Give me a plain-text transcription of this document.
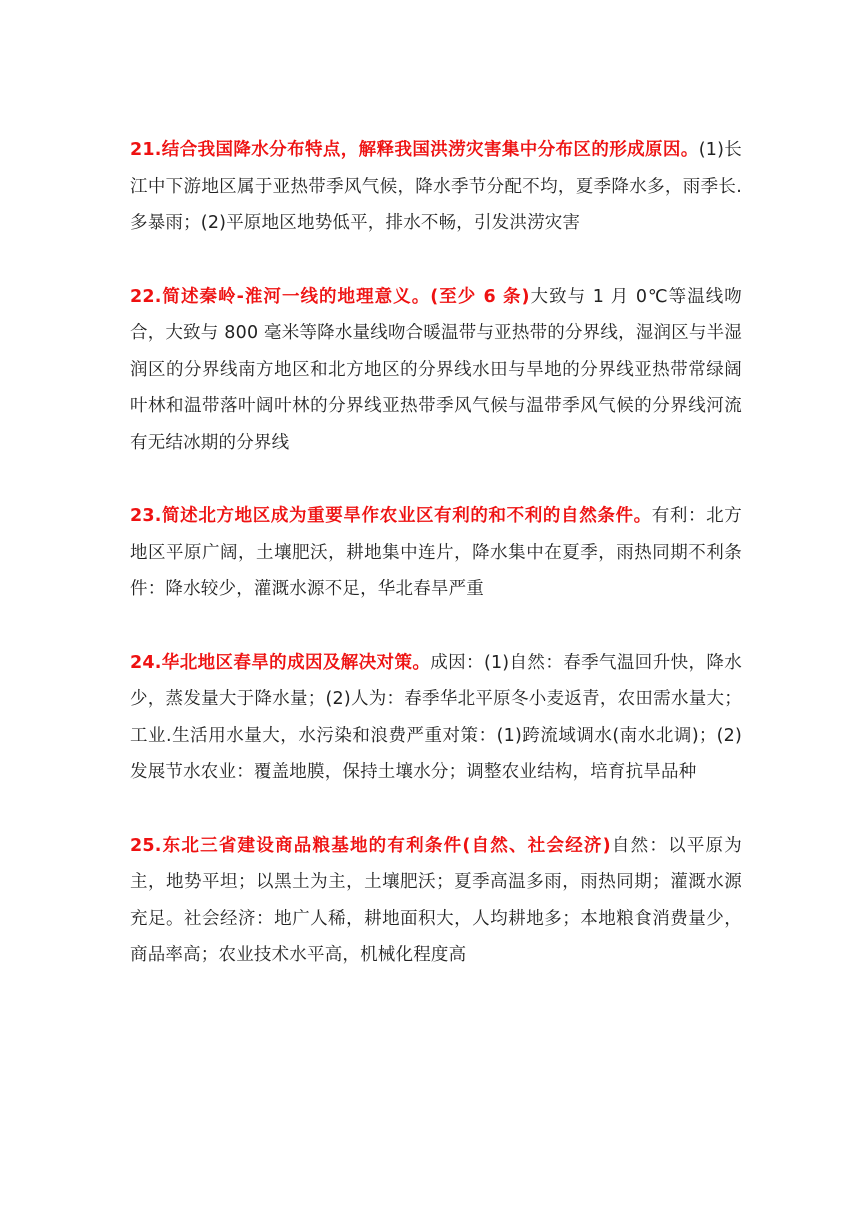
21.结合我国降水分布特点，解释我国洪涝灾害集中分布区的形成原因。(1)长江中下游地区属于亚热带季风气候，降水季节分配不均，夏季降水多，雨季长.多暴雨；(2)平原地区地势低平，排水不畅，引发洪涝灾害

22.简述秦岭-淮河一线的地理意义。(至少 6 条)大致与 1 月 0℃等温线吻合，大致与 800 毫米等降水量线吻合暖温带与亚热带的分界线，湿润区与半湿润区的分界线南方地区和北方地区的分界线水田与旱地的分界线亚热带常绿阔叶林和温带落叶阔叶林的分界线亚热带季风气候与温带季风气候的分界线河流有无结冰期的分界线

23.简述北方地区成为重要旱作农业区有利的和不利的自然条件。有利：北方地区平原广阔，土壤肥沃，耕地集中连片，降水集中在夏季，雨热同期不利条件：降水较少，灌溉水源不足，华北春旱严重

24.华北地区春旱的成因及解决对策。成因：(1)自然：春季气温回升快，降水少，蒸发量大于降水量；(2)人为：春季华北平原冬小麦返青，农田需水量大；工业.生活用水量大，水污染和浪费严重对策：(1)跨流域调水(南水北调)；(2)发展节水农业：覆盖地膜，保持土壤水分；调整农业结构，培育抗旱品种

25.东北三省建设商品粮基地的有利条件(自然、社会经济)自然：以平原为主，地势平坦；以黑土为主，土壤肥沃；夏季高温多雨，雨热同期；灌溉水源充足。社会经济：地广人稀，耕地面积大，人均耕地多；本地粮食消费量少，商品率高；农业技术水平高，机械化程度高
